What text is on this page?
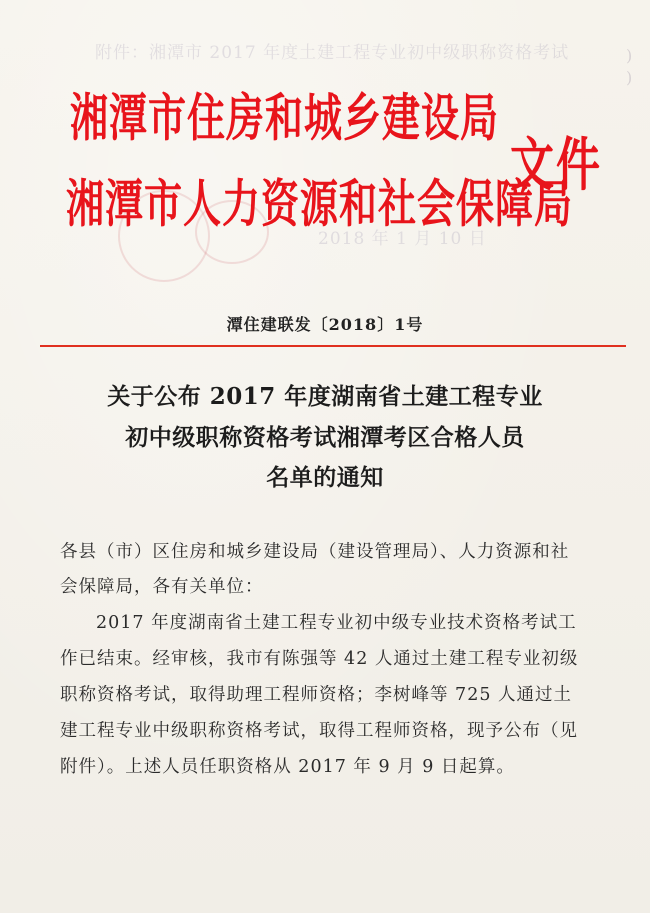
附件：湘潭市 2017 年度土建工程专业初中级职称资格考试
2018 年 1 月 10 日
)
)
湘潭市住房和城乡建设局
湘潭市人力资源和社会保障局
文件
潭住建联发〔2018〕1号
关于公布 2017 年度湖南省土建工程专业
初中级职称资格考试湘潭考区合格人员
名单的通知
各县（市）区住房和城乡建设局（建设管理局）、人力资源和社
会保障局，各有关单位：
2017 年度湖南省土建工程专业初中级专业技术资格考试工
作已结束。经审核，我市有陈强等 42 人通过土建工程专业初级
职称资格考试，取得助理工程师资格；李树峰等 725 人通过土
建工程专业中级职称资格考试，取得工程师资格，现予公布（见
附件）。上述人员任职资格从 2017 年 9 月 9 日起算。
